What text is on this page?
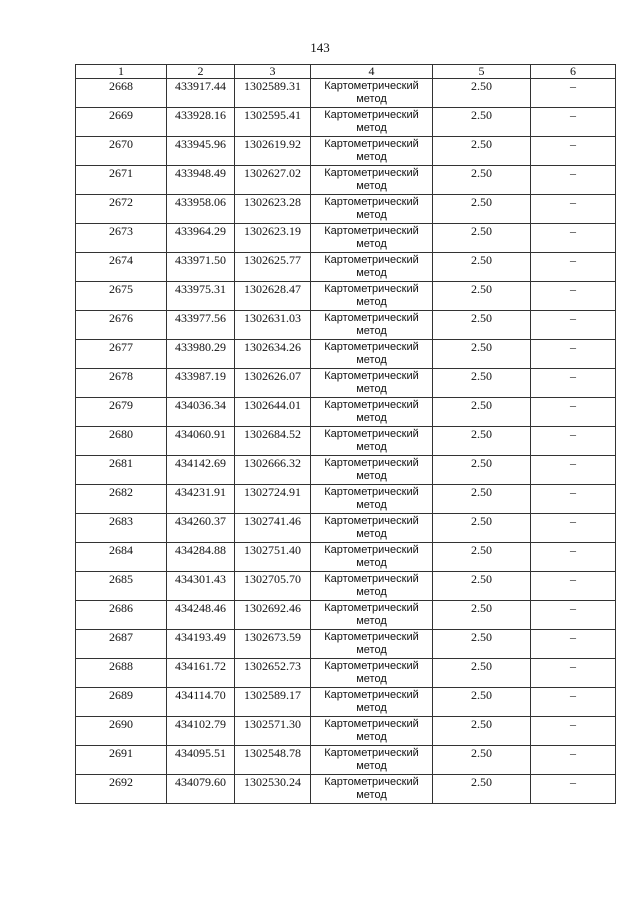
143
1	2	3	4	5	6
2668	433917.44	1302589.31	Картометрический метод	2.50	–
2669	433928.16	1302595.41	Картометрический метод	2.50	–
2670	433945.96	1302619.92	Картометрический метод	2.50	–
2671	433948.49	1302627.02	Картометрический метод	2.50	–
2672	433958.06	1302623.28	Картометрический метод	2.50	–
2673	433964.29	1302623.19	Картометрический метод	2.50	–
2674	433971.50	1302625.77	Картометрический метод	2.50	–
2675	433975.31	1302628.47	Картометрический метод	2.50	–
2676	433977.56	1302631.03	Картометрический метод	2.50	–
2677	433980.29	1302634.26	Картометрический метод	2.50	–
2678	433987.19	1302626.07	Картометрический метод	2.50	–
2679	434036.34	1302644.01	Картометрический метод	2.50	–
2680	434060.91	1302684.52	Картометрический метод	2.50	–
2681	434142.69	1302666.32	Картометрический метод	2.50	–
2682	434231.91	1302724.91	Картометрический метод	2.50	–
2683	434260.37	1302741.46	Картометрический метод	2.50	–
2684	434284.88	1302751.40	Картометрический метод	2.50	–
2685	434301.43	1302705.70	Картометрический метод	2.50	–
2686	434248.46	1302692.46	Картометрический метод	2.50	–
2687	434193.49	1302673.59	Картометрический метод	2.50	–
2688	434161.72	1302652.73	Картометрический метод	2.50	–
2689	434114.70	1302589.17	Картометрический метод	2.50	–
2690	434102.79	1302571.30	Картометрический метод	2.50	–
2691	434095.51	1302548.78	Картометрический метод	2.50	–
2692	434079.60	1302530.24	Картометрический метод	2.50	–
